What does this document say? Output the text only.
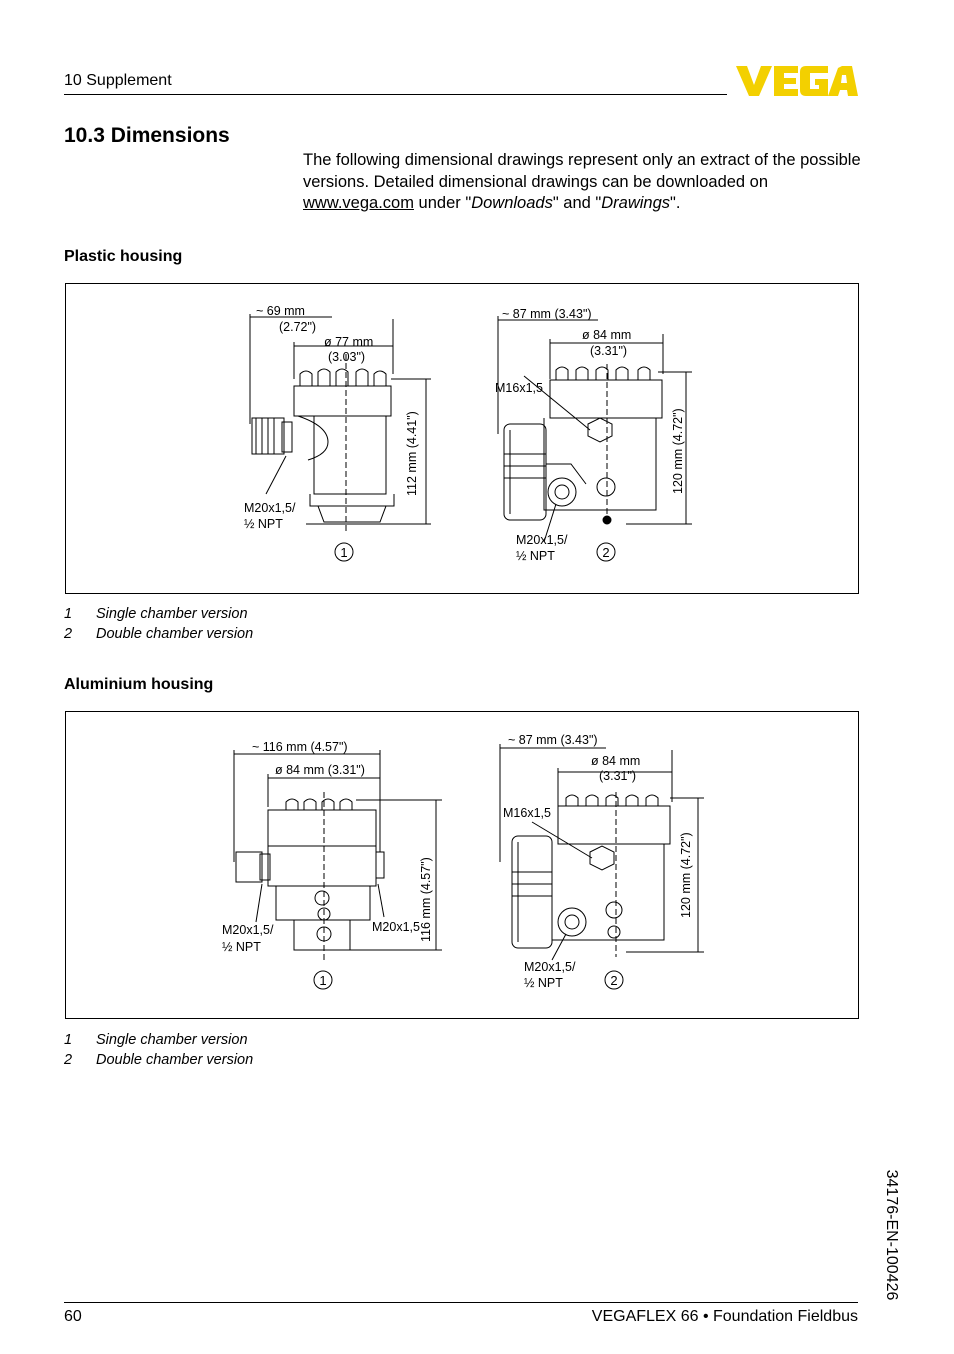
10 Supplement
10.3 Dimensions
The following dimensional drawings represent only an extract of the possible versions. Detailed dimensional drawings can be downloaded on www.vega.com under "Downloads" and "Drawings".
Plastic housing
~ 69 mm
(2.72")
ø 77 mm
(3.03")
112 mm (4.41")
M20x1,5/
½ NPT
~ 87 mm (3.43")
ø 84 mm
(3.31")
M16x1,5
120 mm (4.72")
M20x1,5/
½ NPT
1	2
1 Single chamber version
2 Double chamber version
Aluminium housing
~ 116 mm (4.57")
ø 84 mm (3.31")
116 mm (4.57")
M20x1,5/
½ NPT
M20x1,5
~ 87 mm (3.43")
ø 84 mm
(3.31")
M16x1,5
120 mm (4.72")
M20x1,5/
½ NPT
1	2
1 Single chamber version
2 Double chamber version
34176-EN-100426
60	VEGAFLEX 66 • Foundation Fieldbus
